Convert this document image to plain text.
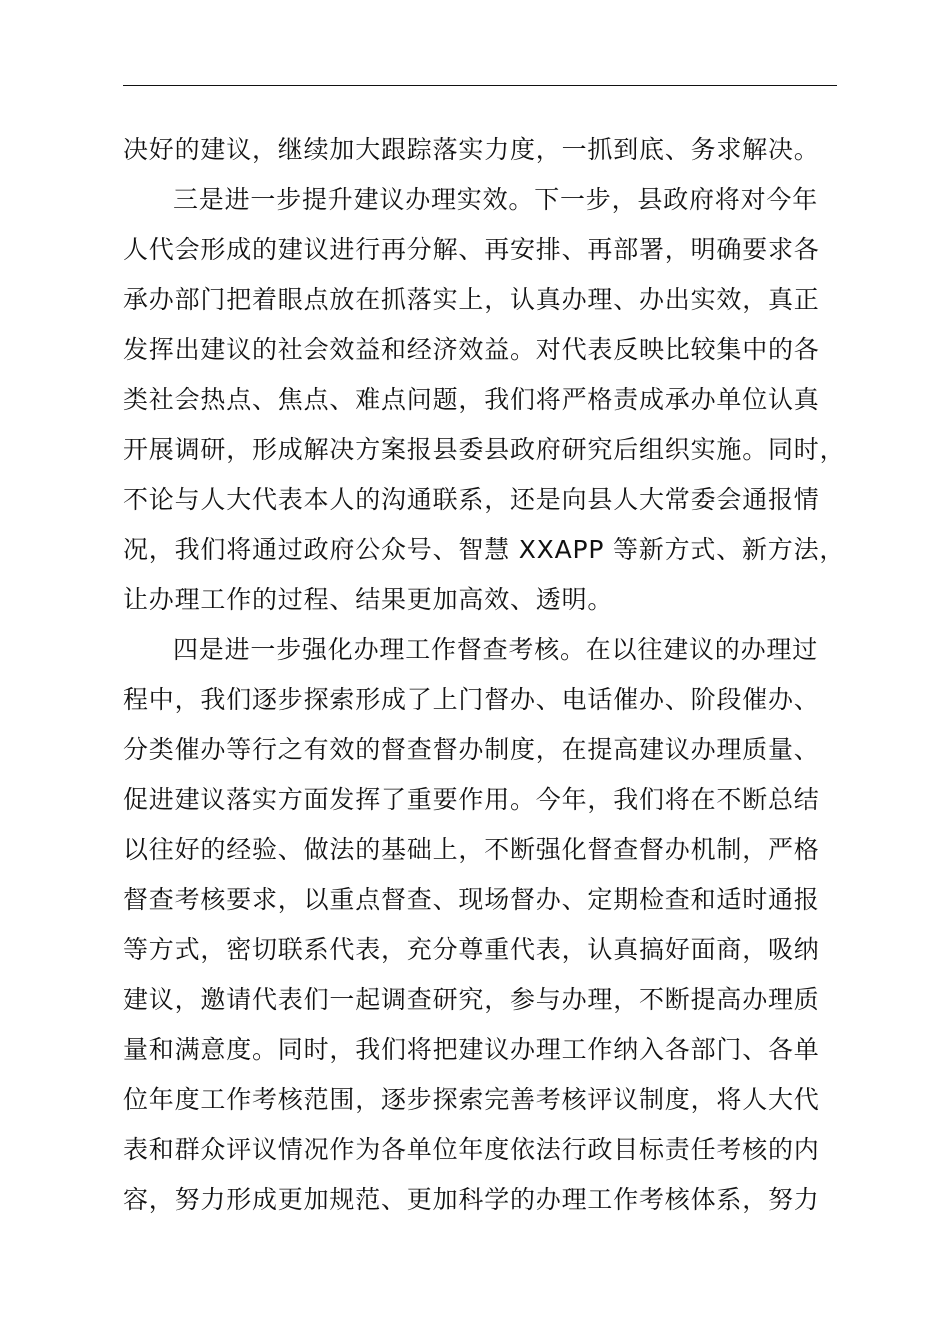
决好的建议，继续加大跟踪落实力度，一抓到底、务求解决。
三是进一步提升建议办理实效。下一步，县政府将对今年
人代会形成的建议进行再分解、再安排、再部署，明确要求各
承办部门把着眼点放在抓落实上，认真办理、办出实效，真正
发挥出建议的社会效益和经济效益。对代表反映比较集中的各
类社会热点、焦点、难点问题，我们将严格责成承办单位认真
开展调研，形成解决方案报县委县政府研究后组织实施。同时，
不论与人大代表本人的沟通联系，还是向县人大常委会通报情
况，我们将通过政府公众号、智慧 XXAPP 等新方式、新方法，
让办理工作的过程、结果更加高效、透明。
四是进一步强化办理工作督查考核。在以往建议的办理过
程中，我们逐步探索形成了上门督办、电话催办、阶段催办、
分类催办等行之有效的督查督办制度，在提高建议办理质量、
促进建议落实方面发挥了重要作用。今年，我们将在不断总结
以往好的经验、做法的基础上，不断强化督查督办机制，严格
督查考核要求，以重点督查、现场督办、定期检查和适时通报
等方式，密切联系代表，充分尊重代表，认真搞好面商，吸纳
建议，邀请代表们一起调查研究，参与办理，不断提高办理质
量和满意度。同时，我们将把建议办理工作纳入各部门、各单
位年度工作考核范围，逐步探索完善考核评议制度，将人大代
表和群众评议情况作为各单位年度依法行政目标责任考核的内
容，努力形成更加规范、更加科学的办理工作考核体系，努力
